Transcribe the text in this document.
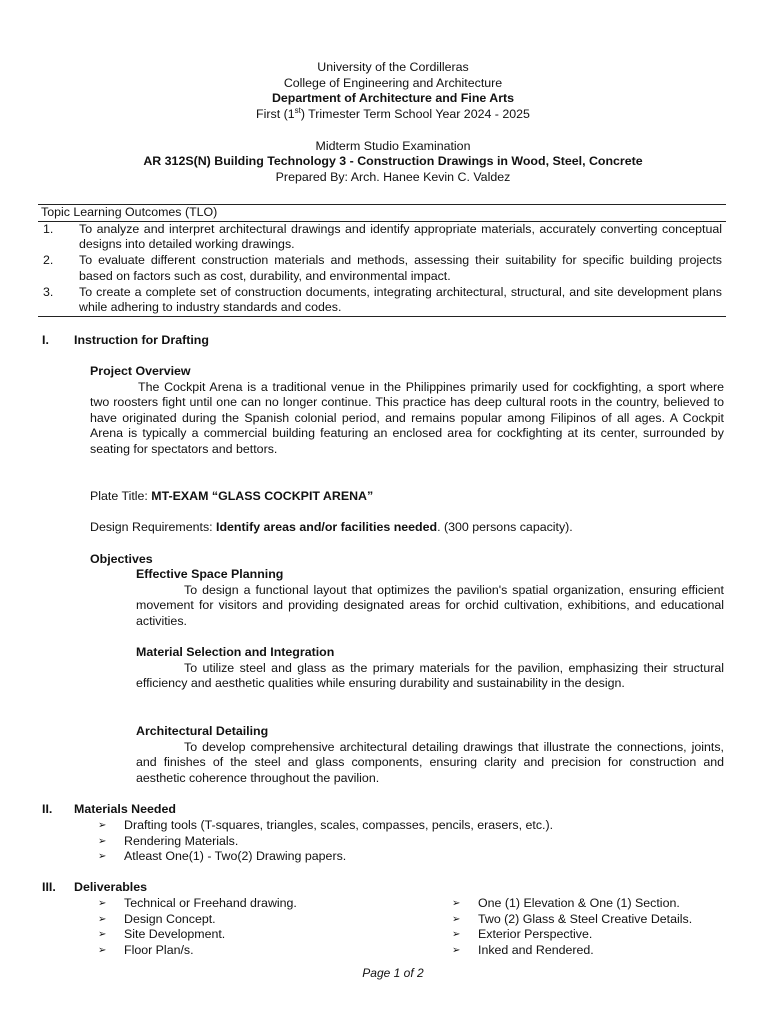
University of the Cordilleras
College of Engineering and Architecture
Department of Architecture and Fine Arts
First (1st) Trimester Term School Year 2024 - 2025
Midterm Studio Examination
AR 312S(N) Building Technology 3 - Construction Drawings in Wood, Steel, Concrete
Prepared By: Arch. Hanee Kevin C. Valdez
Topic Learning Outcomes (TLO)
1.	To analyze and interpret architectural drawings and identify appropriate materials, accurately converting conceptual designs into detailed working drawings.
2.	To evaluate different construction materials and methods, assessing their suitability for specific building projects based on factors such as cost, durability, and environmental impact.
3.	To create a complete set of construction documents, integrating architectural, structural, and site development plans while adhering to industry standards and codes.
I. Instruction for Drafting
Project Overview
The Cockpit Arena is a traditional venue in the Philippines primarily used for cockfighting, a sport where two roosters fight until one can no longer continue. This practice has deep cultural roots in the country, believed to have originated during the Spanish colonial period, and remains popular among Filipinos of all ages. A Cockpit Arena is typically a commercial building featuring an enclosed area for cockfighting at its center, surrounded by seating for spectators and bettors.
Plate Title: MT-EXAM “GLASS COCKPIT ARENA”
Design Requirements: Identify areas and/or facilities needed. (300 persons capacity).
Objectives
Effective Space Planning
To design a functional layout that optimizes the pavilion's spatial organization, ensuring efficient movement for visitors and providing designated areas for orchid cultivation, exhibitions, and educational activities.
Material Selection and Integration
To utilize steel and glass as the primary materials for the pavilion, emphasizing their structural efficiency and aesthetic qualities while ensuring durability and sustainability in the design.
Architectural Detailing
To develop comprehensive architectural detailing drawings that illustrate the connections, joints, and finishes of the steel and glass components, ensuring clarity and precision for construction and aesthetic coherence throughout the pavilion.
II. Materials Needed
➢	Drafting tools (T-squares, triangles, scales, compasses, pencils, erasers, etc.).
➢	Rendering Materials.
➢	Atleast One(1) - Two(2) Drawing papers.
III. Deliverables
➢	Technical or Freehand drawing.
➢	Design Concept.
➢	Site Development.
➢	Floor Plan/s.
➢	One (1) Elevation & One (1) Section.
➢	Two (2) Glass & Steel Creative Details.
➢	Exterior Perspective.
➢	Inked and Rendered.
Page 1 of 2
